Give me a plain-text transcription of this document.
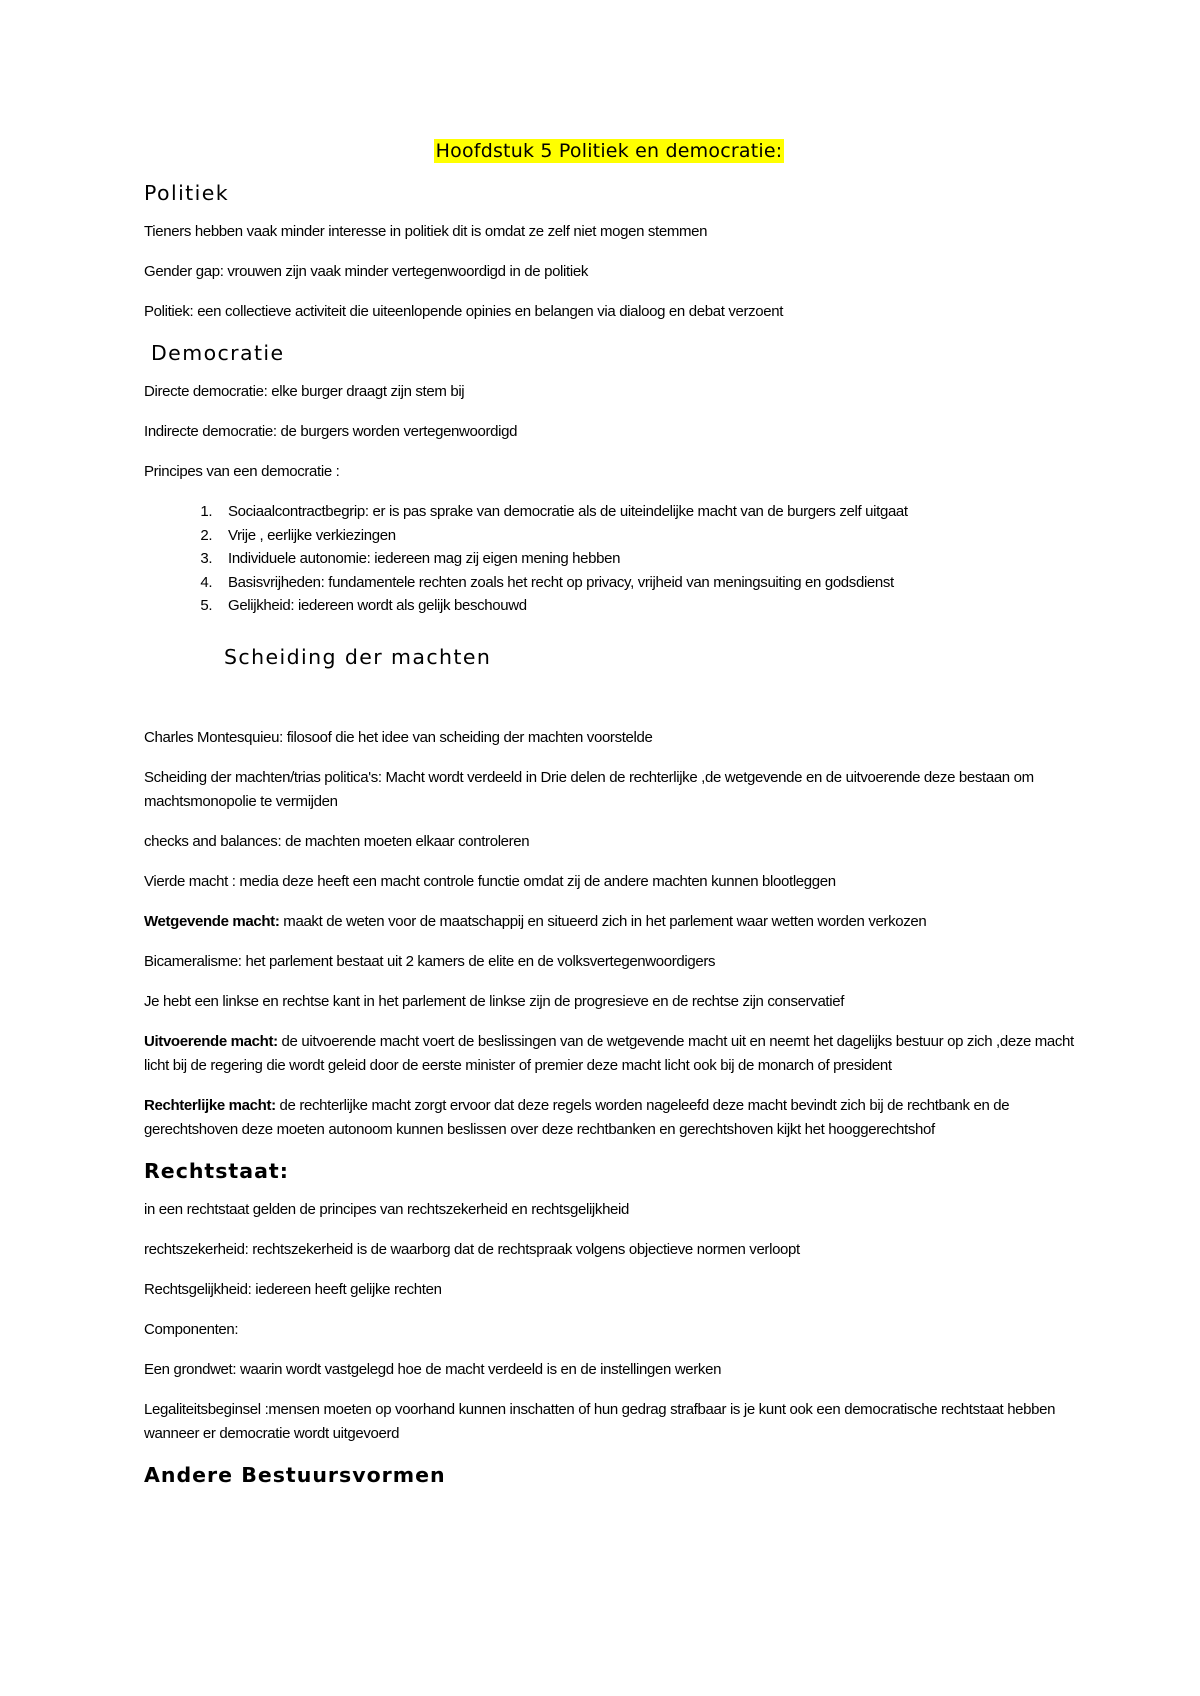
Hoofdstuk 5 Politiek en democratie:
Politiek

Tieners hebben vaak minder interesse in politiek dit is omdat ze zelf niet mogen stemmen

Gender gap: vrouwen zijn vaak minder vertegenwoordigd in de politiek

Politiek: een collectieve activiteit die uiteenlopende opinies en belangen via dialoog en debat verzoent

Democratie

Directe democratie: elke burger draagt zijn stem bij

Indirecte democratie: de burgers worden vertegenwoordigd

Principes van een democratie :

1. Sociaalcontractbegrip: er is pas sprake van democratie als de uiteindelijke macht van de burgers zelf uitgaat
2. Vrije , eerlijke verkiezingen
3. Individuele autonomie: iedereen mag zij eigen mening hebben
4. Basisvrijheden: fundamentele rechten zoals het recht op privacy, vrijheid van meningsuiting en godsdienst
5. Gelijkheid: iedereen wordt als gelijk beschouwd
Scheiding der machten

Charles Montesquieu: filosoof die het idee van scheiding der machten voorstelde

Scheiding der machten/trias politica's: Macht wordt verdeeld in Drie delen de rechterlijke ,de wetgevende en de uitvoerende deze bestaan om machtsmonopolie te vermijden

checks and balances: de machten moeten elkaar controleren

Vierde macht : media deze heeft een macht controle functie omdat zij de andere machten kunnen blootleggen

Wetgevende macht: maakt de weten voor de maatschappij en situeerd zich in het parlement waar wetten worden verkozen

Bicameralisme: het parlement bestaat uit 2 kamers de elite en de volksvertegenwoordigers

Je hebt een linkse en rechtse kant in het parlement de linkse zijn de progresieve en de rechtse zijn conservatief

Uitvoerende macht: de uitvoerende macht voert de beslissingen van de wetgevende macht uit en neemt het dagelijks bestuur op zich ,deze macht licht bij de regering die wordt geleid door de eerste minister of premier deze macht licht ook bij de monarch of president

Rechterlijke macht: de rechterlijke macht zorgt ervoor dat deze regels worden nageleefd deze macht bevindt zich bij de rechtbank en de gerechtshoven deze moeten autonoom kunnen beslissen over deze rechtbanken en gerechtshoven kijkt het hooggerechtshof

Rechtstaat:

in een rechtstaat gelden de principes van rechtszekerheid en rechtsgelijkheid

rechtszekerheid: rechtszekerheid is de waarborg dat de rechtspraak volgens objectieve normen verloopt

Rechtsgelijkheid: iedereen heeft gelijke rechten

Componenten:

Een grondwet: waarin wordt vastgelegd hoe de macht verdeeld is en de instellingen werken

Legaliteitsbeginsel :mensen moeten op voorhand kunnen inschatten of hun gedrag strafbaar is je kunt ook een democratische rechtstaat hebben wanneer er democratie wordt uitgevoerd

Andere Bestuursvormen
